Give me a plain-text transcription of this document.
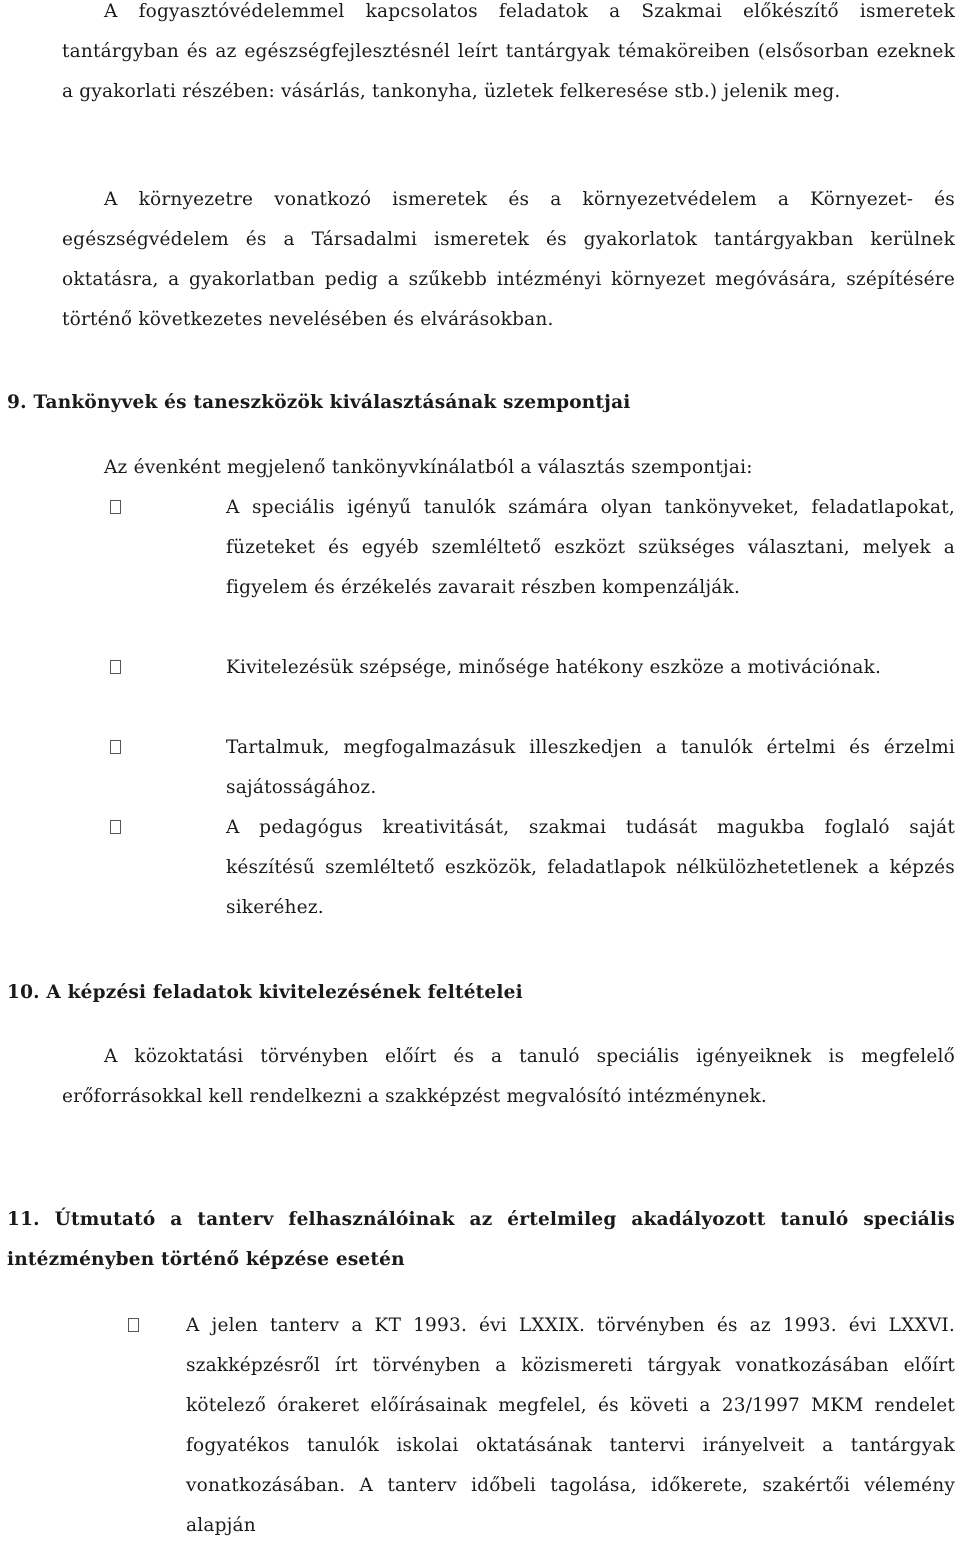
A fogyasztóvédelemmel kapcsolatos feladatok a Szakmai előkészítő ismeretek tantárgyban és az egészségfejlesztésnél leírt tantárgyak témaköreiben (elsősorban ezeknek a gyakorlati részében: vásárlás, tankonyha, üzletek felkeresése stb.) jelenik meg.

A környezetre vonatkozó ismeretek és a környezetvédelem a Környezet- és egészségvédelem és a Társadalmi ismeretek és gyakorlatok tantárgyakban kerülnek oktatásra, a gyakorlatban pedig a szűkebb intézményi környezet megóvására, szépítésére történő következetes nevelésében és elvárásokban.

9. Tankönyvek és taneszközök kiválasztásának szempontjai

Az évenként megjelenő tankönyvkínálatból a választás szempontjai:

A speciális igényű tanulók számára olyan tankönyveket, feladatlapokat, füzeteket és egyéb szemléltető eszközt szükséges választani, melyek a figyelem és érzékelés zavarait részben kompenzálják.

Kivitelezésük szépsége, minősége hatékony eszköze a motivációnak.

Tartalmuk, megfogalmazásuk illeszkedjen a tanulók értelmi és érzelmi sajátosságához.

A pedagógus kreativitását, szakmai tudását magukba foglaló saját készítésű szemléltető eszközök, feladatlapok nélkülözhetetlenek a képzés sikeréhez.

10. A képzési feladatok kivitelezésének feltételei

A közoktatási törvényben előírt és a tanuló speciális igényeiknek is megfelelő erőforrásokkal kell rendelkezni a szakképzést megvalósító intézménynek.

11. Útmutató a tanterv felhasználóinak az értelmileg akadályozott tanuló speciális intézményben történő képzése esetén

A jelen tanterv a KT 1993. évi LXXIX. törvényben és az 1993. évi LXXVI. szakképzésről írt törvényben a közismereti tárgyak vonatkozásában előírt kötelező órakeret előírásainak megfelel, és követi a 23/1997 MKM rendelet fogyatékos tanulók iskolai oktatásának tantervi irányelveit a tantárgyak vonatkozásában. A tanterv időbeli tagolása, időkerete, szakértői vélemény alapján
